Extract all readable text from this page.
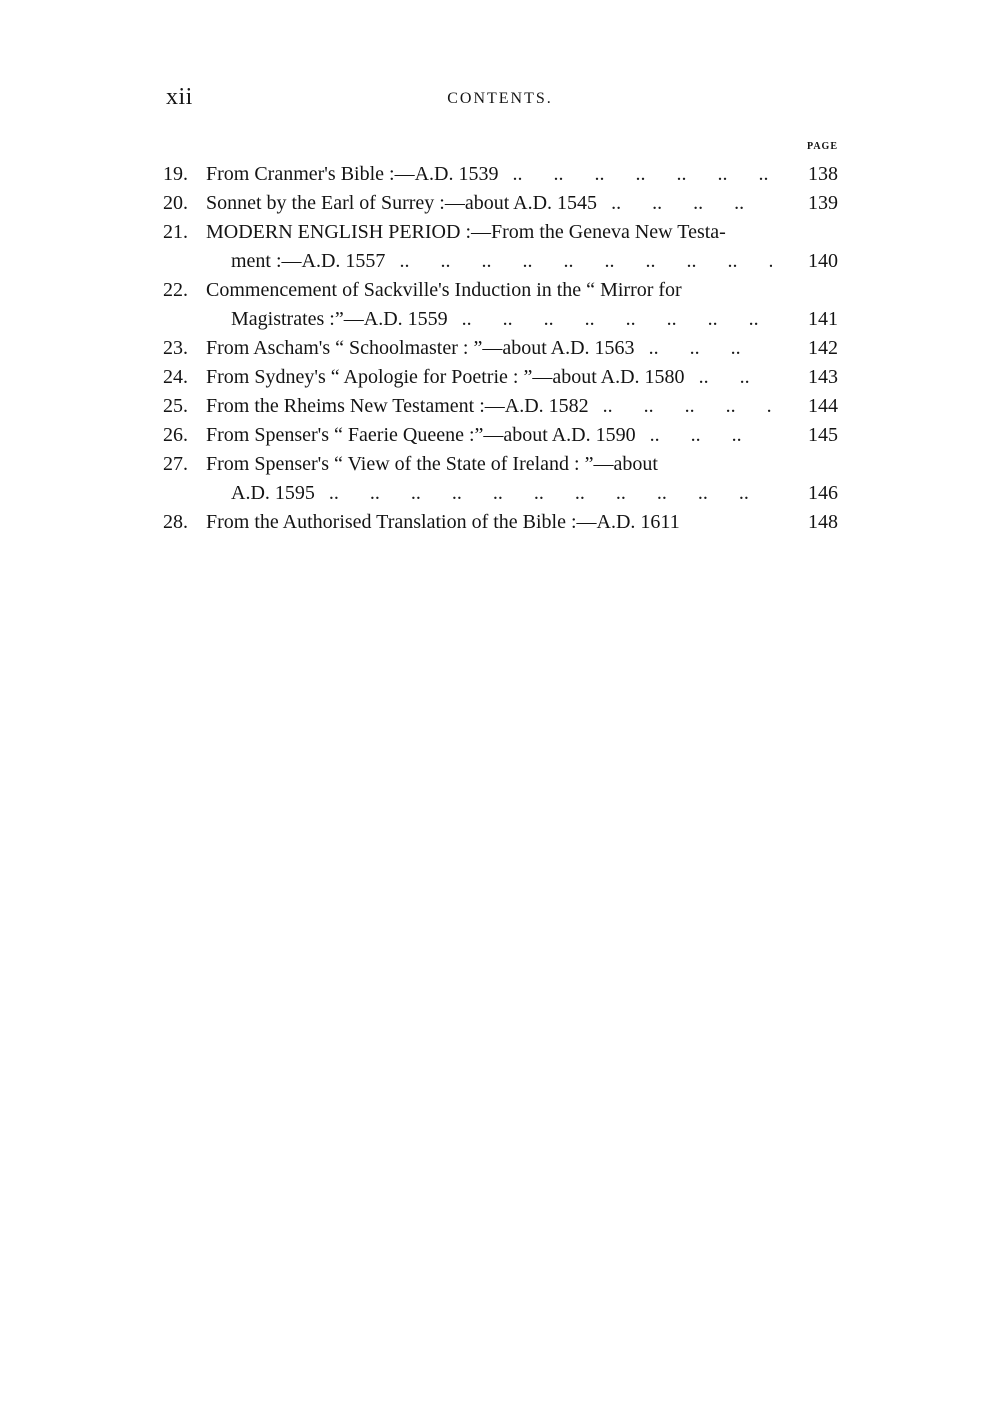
xii	CONTENTS.
PAGE
19. From Cranmer's Bible :—A.D. 1539 .. ..	138
20. Sonnet by the Earl of Surrey :—about A.D. 1545 .. ..	139
21. MODERN ENGLISH PERIOD :—From the Geneva New Testa-
ment :—A.D. 1557 .. ..	140
22. Commencement of Sackville's Induction in the “ Mirror for
Magistrates :”—A.D. 1559 .. ..	141
23. From Ascham's “ Schoolmaster : ”—about A.D. 1563 .. ..	142
24. From Sydney's “ Apologie for Poetrie : ”—about A.D. 1580 .. ..	143
25. From the Rheims New Testament :—A.D. 1582 .. ..	144
26. From Spenser's “ Faerie Queene :”—about A.D. 1590 .. ..	145
27. From Spenser's “ View of the State of Ireland : ”—about
A.D. 1595 .. ..	146
28. From the Authorised Translation of the Bible :—A.D. 1611	148
